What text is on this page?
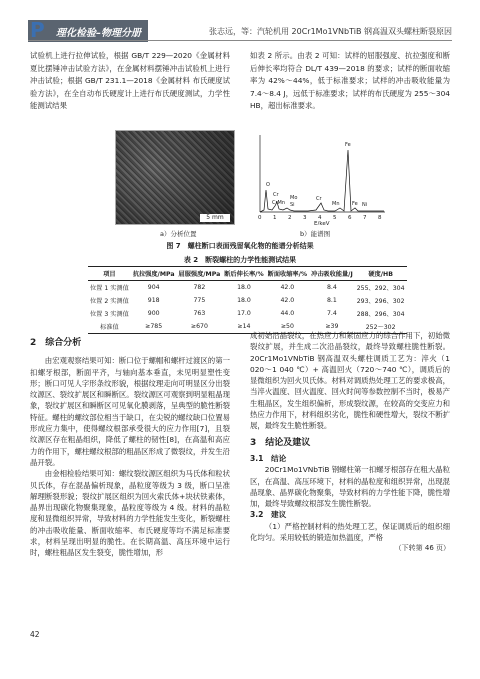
P 理化检验–物理分册	张志远，等：汽轮机用 20Cr1Mo1VNbTiB 钢高温双头螺柱断裂原因

试验机上进行拉伸试验，根据 GB/T 229—2020《金属材料 夏比摆锤冲击试验方法》，在金属材料摆锤冲击试验机上进行冲击试验；根据 GB/T 231.1—2018《金属材料 布氏硬度试验方法》，在全自动布氏硬度计上进行布氏硬度测试，力学性能测试结果

如表 2 所示。由表 2 可知：试样的屈服强度、抗拉强度和断后伸长率均符合 DL/T 439—2018 的要求；试样的断面收缩率为 42%～44%，低于标准要求；试样的冲击吸收能量为 7.4～8.4 J，远低于标准要求；试样的布氏硬度为 255～304 HB，超出标准要求。

5 mm
O
Fe
Cr
CrMn
Mo
Si
Cr
Mn	Fe Ni
0 1 2 3 4 5 6 7 8
E/keV
a）分析位置	b）能谱图
图 7　螺柱断口表面残留氧化物的能谱分析结果
表 2　断裂螺柱的力学性能测试结果
项目	抗拉强度/MPa	屈服强度/MPa	断后伸长率/%	断面收缩率/%	冲击吸收能量/J	硬度/HB
位置 1 实测值	904	782	18.0	42.0	8.4	255、292、304
位置 2 实测值	918	775	18.0	42.0	8.1	293、296、302
位置 3 实测值	900	763	17.0	44.0	7.4	288、296、304
标准值	≥785	≥670	≥14	≥50	≥39	252～302

2　综合分析

由宏观观察结果可知：断口位于螺帽和螺杆过渡区的第一扣螺牙根部，断面平齐，与轴向基本垂直，未见明显塑性变形；断口可见人字形条纹形貌，根据纹理走向可明显区分出裂纹源区、裂纹扩展区和瞬断区。裂纹源区可观察到明显粗晶现象，裂纹扩展区和瞬断区可见氧化膜剥落，呈典型的脆性断裂特征。螺柱的螺纹部位相当于缺口，在尖锐的螺纹缺口位置易形成应力集中，使得螺纹根部承受很大的应力作用[7]，且裂纹源区存在粗晶组织，降低了螺柱的韧性[8]，在高温和高应力的作用下，螺柱螺纹根部的粗晶区形成了微裂纹，并发生沿晶开裂。

由金相检验结果可知：螺纹裂纹源区组织为马氏体和粒状贝氏体，存在混晶偏析现象，晶粒度等级为 3 级，断口呈准解理断裂形貌；裂纹扩展区组织为回火索氏体+块状铁素体，晶界出现碳化物聚集现象，晶粒度等级为 4 级。材料的晶粒度和显微组织异常，导致材料的力学性能发生变化，断裂螺柱的冲击吸收能量、断面收缩率、布氏硬度等均不满足标准要求，材料呈现出明显的脆性。在长期高温、高压环境中运行时，螺柱粗晶区发生裂变，脆性增加，形

成初始沿晶裂纹，在热应力和紧固应力的综合作用下，初始微裂纹扩展，并生成二次沿晶裂纹，最终导致螺柱脆性断裂。20Cr1Mo1VNbTiB 钢高温双头螺柱调质工艺为：淬火（1 020～1 040 ℃）+ 高温回火（720～740 ℃），调质后的显微组织为回火贝氏体。材料对调质热处理工艺的要求极高，当淬火温度、回火温度、回火时间等参数控制不当时，极易产生粗晶区，发生组织偏析，形成裂纹源，在较高的交变应力和热应力作用下，材料组织劣化，脆性和硬性增大，裂纹不断扩展，最终发生脆性断裂。

3　结论及建议

3.1　结论

20Cr1Mo1VNbTiB 钢螺柱第一扣螺牙根部存在粗大晶粒区，在高温、高压环境下，材料的晶粒度和组织异常，出现混晶现象、晶界碳化物聚集，导致材料的力学性能下降，脆性增加，最终导致螺纹根部发生脆性断裂。

3.2　建议

（1）严格控制材料的热处理工艺，保证调质后的组织细化均匀。采用较低的锻造加热温度，严格

（下转第 46 页）

42
